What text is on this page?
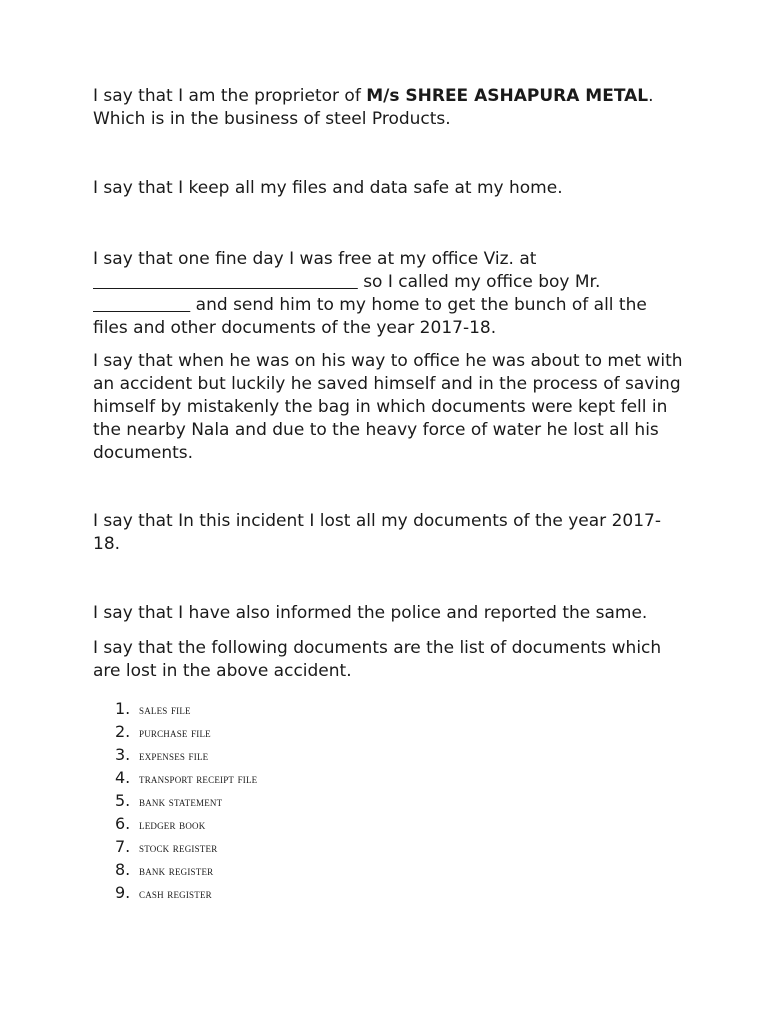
I say that I am the proprietor of M/s SHREE ASHAPURA METAL. Which is in the business of steel Products.

I say that I keep all my files and data safe at my home.

I say that one fine day I was free at my office Viz. at                                                   so I called my office boy Mr.                    and send him to my home to get the bunch of all the files and other documents of the year 2017-18.

I say that when he was on his way to office he was about to met with an accident but luckily he saved himself and in the process of saving himself by mistakenly the bag in which documents were kept fell in the nearby Nala and due to the heavy force of water he lost all his documents.

I say that In this incident I lost all my documents of the year 2017-18.

I say that I have also informed the police and reported the same.

I say that the following documents are the list of documents which are lost in the above accident.

1. sales file
2. purchase file
3. expenses file
4. transport receipt file
5. bank statement
6. ledger book
7. stock register
8. bank register
9. cash register
